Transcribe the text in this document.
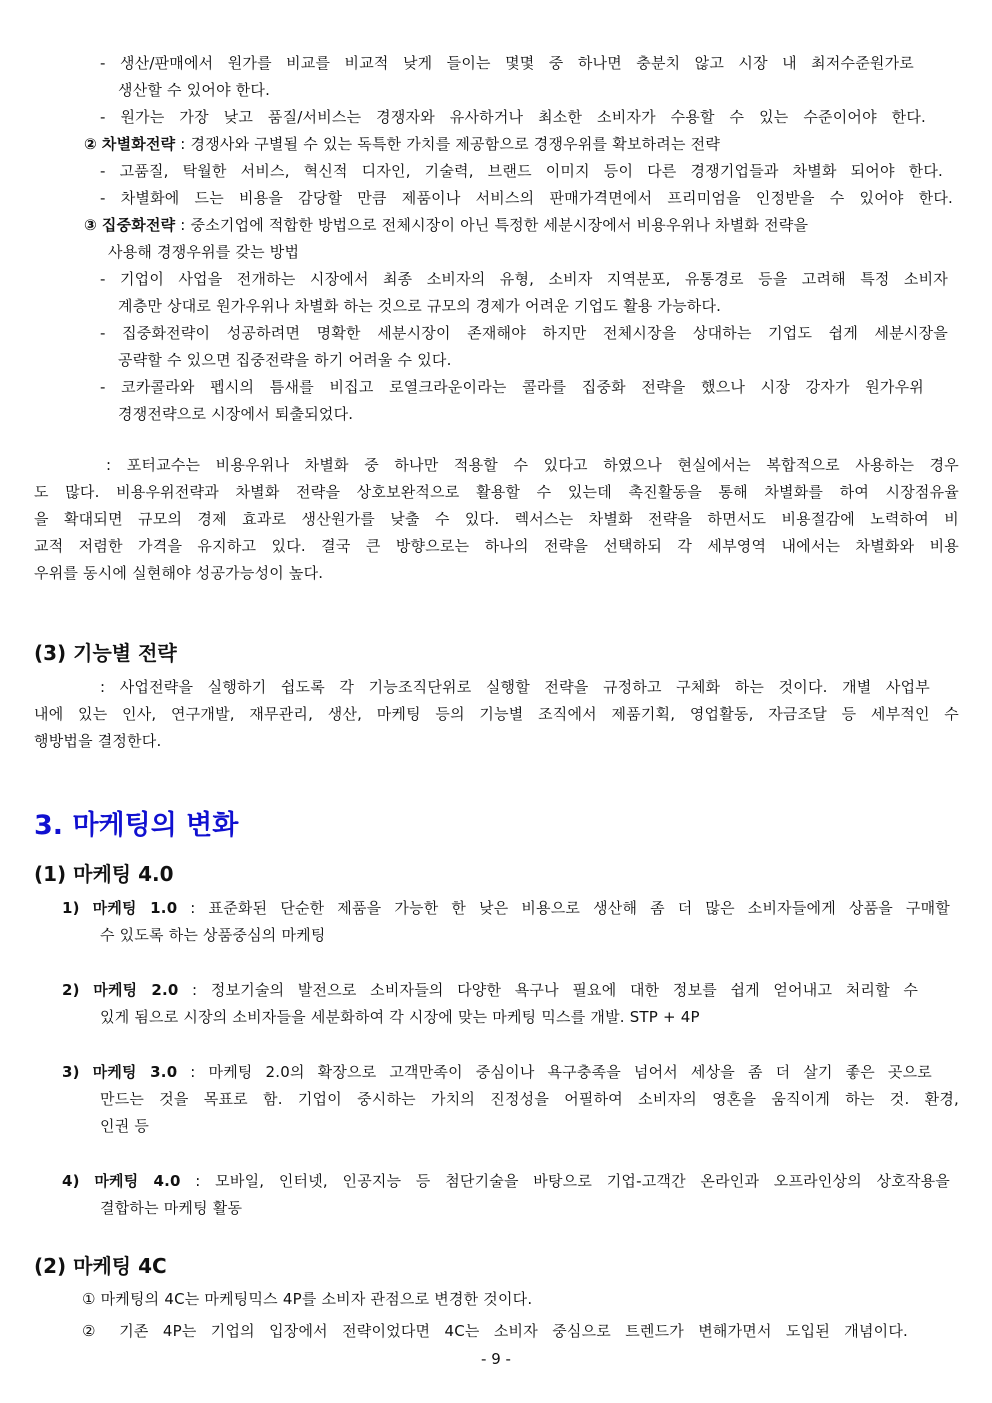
- 생산/판매에서 원가를 비교를 비교적 낮게 들이는 몇몇 중 하나면 충분치 않고 시장 내 최저수준원가로
생산할 수 있어야 한다.
- 원가는 가장 낮고 품질/서비스는 경쟁자와 유사하거나 최소한 소비자가 수용할 수 있는 수준이어야 한다.
② 차별화전략 : 경쟁사와 구별될 수 있는 독특한 가치를 제공함으로 경쟁우위를 확보하려는 전략
- 고품질, 탁월한 서비스, 혁신적 디자인, 기술력, 브랜드 이미지 등이 다른 경쟁기업들과 차별화 되어야 한다.
- 차별화에 드는 비용을 감당할 만큼 제품이나 서비스의 판매가격면에서 프리미엄을 인정받을 수 있어야 한다.
③ 집중화전략 : 중소기업에 적합한 방법으로 전체시장이 아닌 특정한 세분시장에서 비용우위나 차별화 전략을
사용해 경쟁우위를 갖는 방법
- 기업이 사업을 전개하는 시장에서 최종 소비자의 유형, 소비자 지역분포, 유통경로 등을 고려해 특정 소비자
계층만 상대로 원가우위나 차별화 하는 것으로 규모의 경제가 어려운 기업도 활용 가능하다.
- 집중화전략이 성공하려면 명확한 세분시장이 존재해야 하지만 전체시장을 상대하는 기업도 쉽게 세분시장을
공략할 수 있으면 집중전략을 하기 어려울 수 있다.
- 코카콜라와 펩시의 틈새를 비집고 로열크라운이라는 콜라를 집중화 전략을 했으나 시장 강자가 원가우위
경쟁전략으로 시장에서 퇴출되었다.
: 포터교수는 비용우위나 차별화 중 하나만 적용할 수 있다고 하였으나 현실에서는 복합적으로 사용하는 경우
도 많다. 비용우위전략과 차별화 전략을 상호보완적으로 활용할 수 있는데 촉진활동을 통해 차별화를 하여 시장점유율
을 확대되면 규모의 경제 효과로 생산원가를 낮출 수 있다. 렉서스는 차별화 전략을 하면서도 비용절감에 노력하여 비
교적 저렴한 가격을 유지하고 있다. 결국 큰 방향으로는 하나의 전략을 선택하되 각 세부영역 내에서는 차별화와 비용
우위를 동시에 실현해야 성공가능성이 높다.
(3) 기능별 전략
: 사업전략을 실행하기 쉽도록 각 기능조직단위로 실행할 전략을 규정하고 구체화 하는 것이다. 개별 사업부
내에 있는 인사, 연구개발, 재무관리, 생산, 마케팅 등의 기능별 조직에서 제품기획, 영업활동, 자금조달 등 세부적인 수
행방법을 결정한다.
3. 마케팅의 변화
(1) 마케팅 4.0
1) 마케팅 1.0 : 표준화된 단순한 제품을 가능한 한 낮은 비용으로 생산해 좀 더 많은 소비자들에게 상품을 구매할
수 있도록 하는 상품중심의 마케팅
2) 마케팅 2.0 : 정보기술의 발전으로 소비자들의 다양한 욕구나 필요에 대한 정보를 쉽게 얻어내고 처리할 수
있게 됨으로 시장의 소비자들을 세분화하여 각 시장에 맞는 마케팅 믹스를 개발. STP + 4P
3) 마케팅 3.0 : 마케팅 2.0의 확장으로 고객만족이 중심이나 욕구충족을 넘어서 세상을 좀 더 살기 좋은 곳으로
만드는 것을 목표로 함. 기업이 중시하는 가치의 진정성을 어필하여 소비자의 영혼을 움직이게 하는 것. 환경,
인권 등
4) 마케팅 4.0 : 모바일, 인터넷, 인공지능 등 첨단기술을 바탕으로 기업-고객간 온라인과 오프라인상의 상호작용을
결합하는 마케팅 활동
(2) 마케팅 4C
① 마케팅의 4C는 마케팅믹스 4P를 소비자 관점으로 변경한 것이다.
② 기존 4P는 기업의 입장에서 전략이었다면 4C는 소비자 중심으로 트렌드가 변해가면서 도입된 개념이다.
- 9 -
